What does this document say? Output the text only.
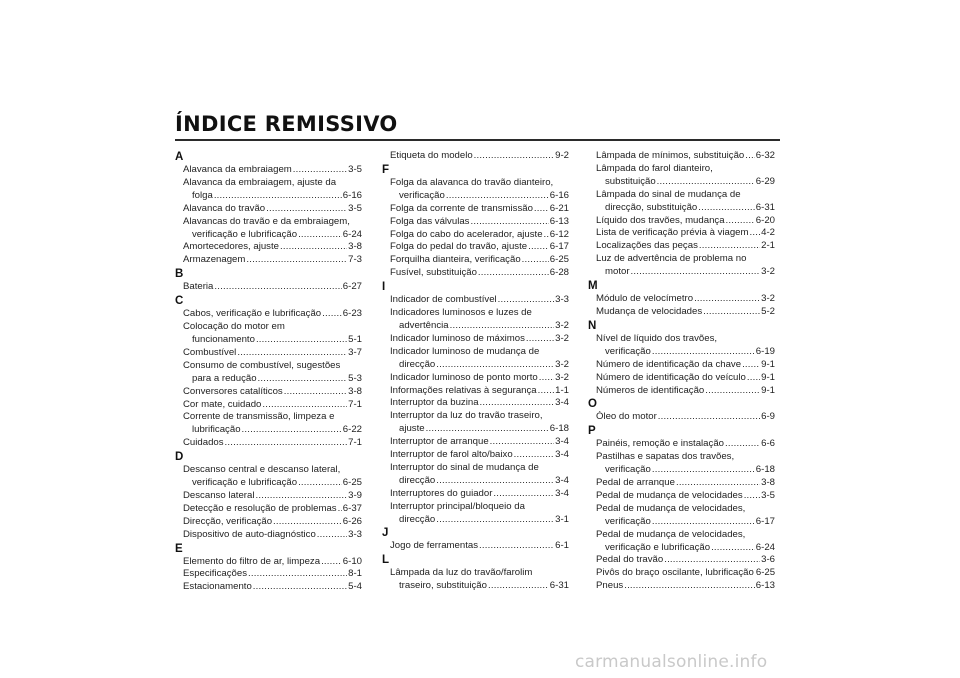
ÍNDICE REMISSIVO
A
Alavanca da embraiagem .....	3-5
Alavanca da embraiagem, ajuste da
folga .....	6-16
Alavanca do travão .....	3-5
Alavancas do travão e da embraiagem,
verificação e lubrificação .....	6-24
Amortecedores, ajuste .....	3-8
Armazenagem .....	7-3
B
Bateria .....	6-27
C
Cabos, verificação e lubrificação ..... 6-23
Colocação do motor em
funcionamento .....	5-1
Combustível .....	3-7
Consumo de combustível, sugestões
para a redução .....	5-3
Conversores catalíticos .....	3-8
Cor mate, cuidado .....	7-1
Corrente de transmissão, limpeza e
lubrificação .....	6-22
Cuidados .....	7-1
D
Descanso central e descanso lateral,
verificação e lubrificação .....	6-25
Descanso lateral .....	3-9
Detecção e resolução de problemas ..... 6-37
Direcção, verificação .....	6-26
Dispositivo de auto-diagnóstico .....	3-3
E
Elemento do filtro de ar, limpeza ..... 6-10
Especificações .....	8-1
Estacionamento .....	5-4
Etiqueta do modelo .....	9-2
F
Folga da alavanca do travão dianteiro,
verificação .....	6-16
Folga da corrente de transmissão ..... 6-21
Folga das válvulas .....	6-13
Folga do cabo do acelerador, ajuste ..... 6-12
Folga do pedal do travão, ajuste ..... 6-17
Forquilha dianteira, verificação .....	6-25
Fusível, substituição .....	6-28
I
Indicador de combustível .....	3-3
Indicadores luminosos e luzes de
advertência .....	3-2
Indicador luminoso de máximos .....	3-2
Indicador luminoso de mudança de
direcção .....	3-2
Indicador luminoso de ponto morto ..... 3-2
Informações relativas à segurança ..... 1-1
Interruptor da buzina .....	3-4
Interruptor da luz do travão traseiro,
ajuste .....	6-18
Interruptor de arranque .....	3-4
Interruptor de farol alto/baixo .....	3-4
Interruptor do sinal de mudança de
direcção .....	3-4
Interruptores do guiador .....	3-4
Interruptor principal/bloqueio da
direcção .....	3-1
J
Jogo de ferramentas .....	6-1
L
Lâmpada da luz do travão/farolim
traseiro, substituição .....	6-31
Lâmpada de mínimos, substituição ..... 6-32
Lâmpada do farol dianteiro,
substituição .....	6-29
Lâmpada do sinal de mudança de
direcção, substituição .....	6-31
Líquido dos travões, mudança .....	6-20
Lista de verificação prévia à viagem ..... 4-2
Localizações das peças .....	2-1
Luz de advertência de problema no
motor .....	3-2
M
Módulo de velocímetro .....	3-2
Mudança de velocidades .....	5-2
N
Nível de líquido dos travões,
verificação .....	6-19
Número de identificação da chave ..... 9-1
Número de identificação do veículo ..... 9-1
Números de identificação .....	9-1
O
Óleo do motor .....	6-9
P
Painéis, remoção e instalação .....	6-6
Pastilhas e sapatas dos travões,
verificação .....	6-18
Pedal de arranque .....	3-8
Pedal de mudança de velocidades ..... 3-5
Pedal de mudança de velocidades,
verificação .....	6-17
Pedal de mudança de velocidades,
verificação e lubrificação .....	6-24
Pedal do travão .....	3-6
Pivôs do braço oscilante, lubrificação 6-25
Pneus .....	6-13
carmanualsonline.info
